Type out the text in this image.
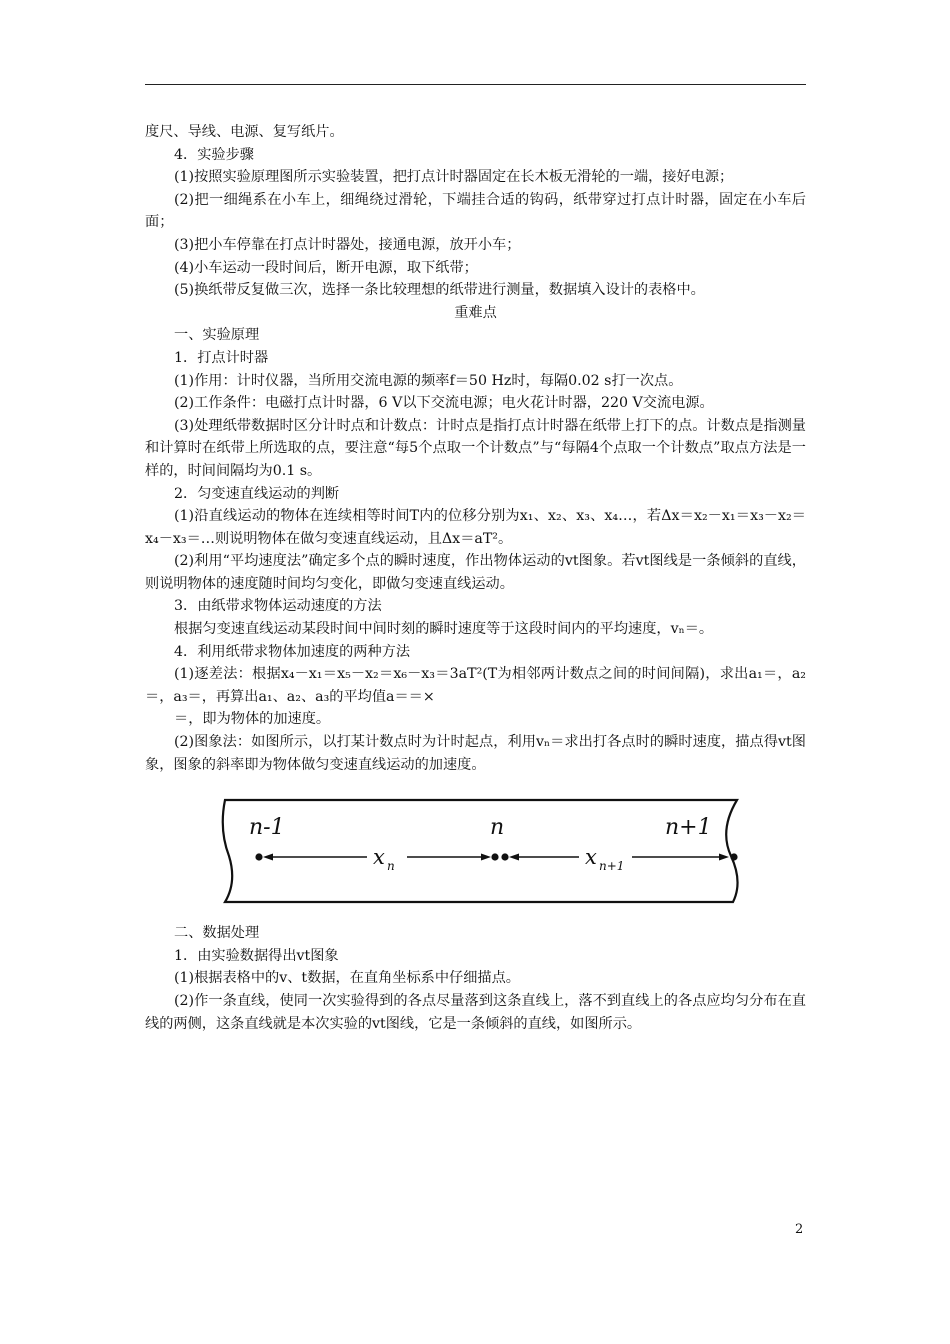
度尺、导线、电源、复写纸片。

4．实验步骤

(1)按照实验原理图所示实验装置，把打点计时器固定在长木板无滑轮的一端，接好电源；

(2)把一细绳系在小车上，细绳绕过滑轮，下端挂合适的钩码，纸带穿过打点计时器，固定在小车后面；

(3)把小车停靠在打点计时器处，接通电源，放开小车；

(4)小车运动一段时间后，断开电源，取下纸带；

(5)换纸带反复做三次，选择一条比较理想的纸带进行测量，数据填入设计的表格中。

重难点

一、实验原理

1．打点计时器

(1)作用：计时仪器，当所用交流电源的频率f＝50 Hz时，每隔0.02 s打一次点。

(2)工作条件：电磁打点计时器，6 V以下交流电源；电火花计时器，220 V交流电源。

(3)处理纸带数据时区分计时点和计数点：计时点是指打点计时器在纸带上打下的点。计数点是指测量和计算时在纸带上所选取的点，要注意“每5个点取一个计数点”与“每隔4个点取一个计数点”取点方法是一样的，时间间隔均为0.1 s。

2．匀变速直线运动的判断

(1)沿直线运动的物体在连续相等时间T内的位移分别为x₁、x₂、x₃、x₄…，若Δx＝x₂－x₁＝x₃－x₂＝x₄－x₃＝…则说明物体在做匀变速直线运动，且Δx＝aT²。

(2)利用“平均速度法”确定多个点的瞬时速度，作出物体运动的vt图象。若vt图线是一条倾斜的直线，则说明物体的速度随时间均匀变化，即做匀变速直线运动。

3．由纸带求物体运动速度的方法

根据匀变速直线运动某段时间中间时刻的瞬时速度等于这段时间内的平均速度，vₙ＝。

4．利用纸带求物体加速度的两种方法

(1)逐差法：根据x₄－x₁＝x₅－x₂＝x₆－x₃＝3aT²(T为相邻两计数点之间的时间间隔)，求出a₁＝，a₂＝，a₃＝，再算出a₁、a₂、a₃的平均值a＝＝×

＝，即为物体的加速度。

(2)图象法：如图所示，以打某计数点时为计时起点，利用vₙ＝求出打各点时的瞬时速度，描点得vt图象，图象的斜率即为物体做匀变速直线运动的加速度。

n-1	n	n+1
x n	x n+1

二、数据处理

1．由实验数据得出vt图象

(1)根据表格中的v、t数据，在直角坐标系中仔细描点。

(2)作一条直线，使同一次实验得到的各点尽量落到这条直线上，落不到直线上的各点应均匀分布在直线的两侧，这条直线就是本次实验的vt图线，它是一条倾斜的直线，如图所示。

2
